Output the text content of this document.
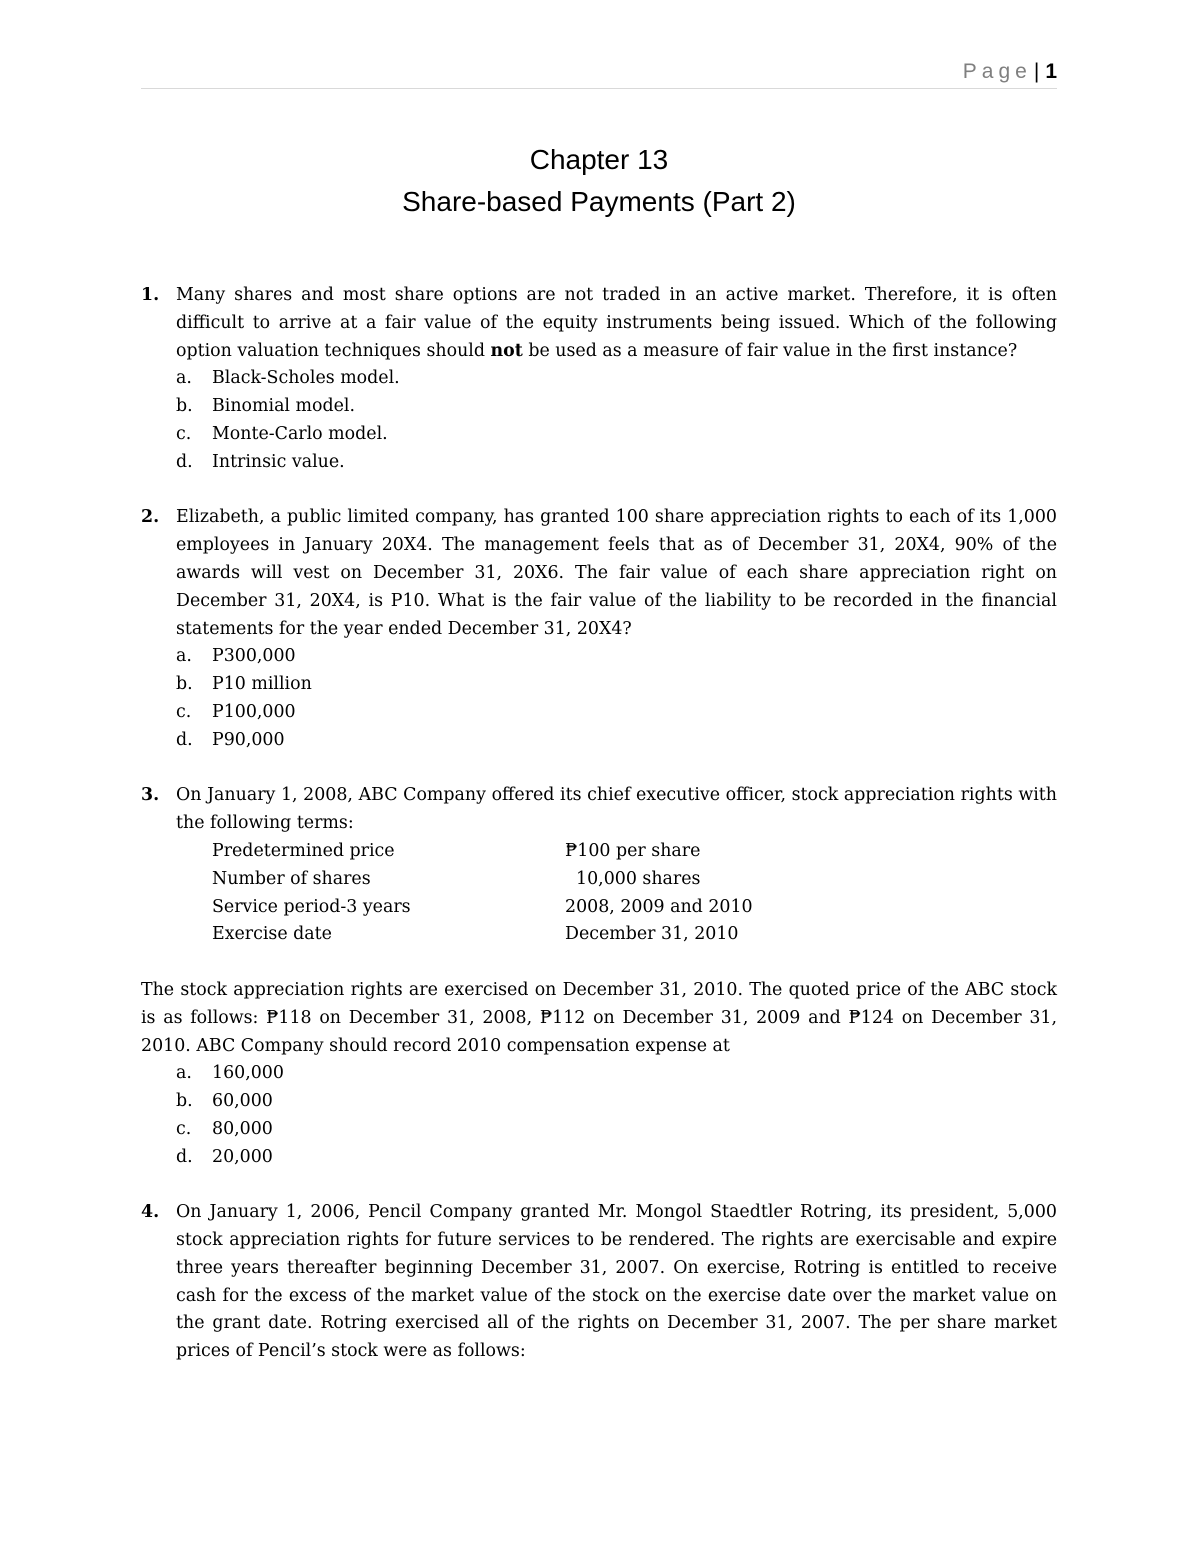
Page| 1
Chapter 13
Share-based Payments (Part 2)
1. Many shares and most share options are not traded in an active market. Therefore, it is often difficult to arrive at a fair value of the equity instruments being issued. Which of the following option valuation techniques should not be used as a measure of fair value in the first instance?
a. Black-Scholes model.
b. Binomial model.
c. Monte-Carlo model.
d. Intrinsic value.
2. Elizabeth, a public limited company, has granted 100 share appreciation rights to each of its 1,000 employees in January 20X4. The management feels that as of December 31, 20X4, 90% of the awards will vest on December 31, 20X6. The fair value of each share appreciation right on December 31, 20X4, is P10. What is the fair value of the liability to be recorded in the financial statements for the year ended December 31, 20X4?
a. P300,000
b. P10 million
c. P100,000
d. P90,000
3. On January 1, 2008, ABC Company offered its chief executive officer, stock appreciation rights with the following terms:
Predetermined price	₱100 per share
Number of shares	10,000 shares
Service period-3 years	2008, 2009 and 2010
Exercise date	December 31, 2010
The stock appreciation rights are exercised on December 31, 2010. The quoted price of the ABC stock is as follows: ₱118 on December 31, 2008, ₱112 on December 31, 2009 and ₱124 on December 31, 2010. ABC Company should record 2010 compensation expense at
a. 160,000
b. 60,000
c. 80,000
d. 20,000
4. On January 1, 2006, Pencil Company granted Mr. Mongol Staedtler Rotring, its president, 5,000 stock appreciation rights for future services to be rendered. The rights are exercisable and expire three years thereafter beginning December 31, 2007. On exercise, Rotring is entitled to receive cash for the excess of the market value of the stock on the exercise date over the market value on the grant date. Rotring exercised all of the rights on December 31, 2007. The per share market prices of Pencil’s stock were as follows:
